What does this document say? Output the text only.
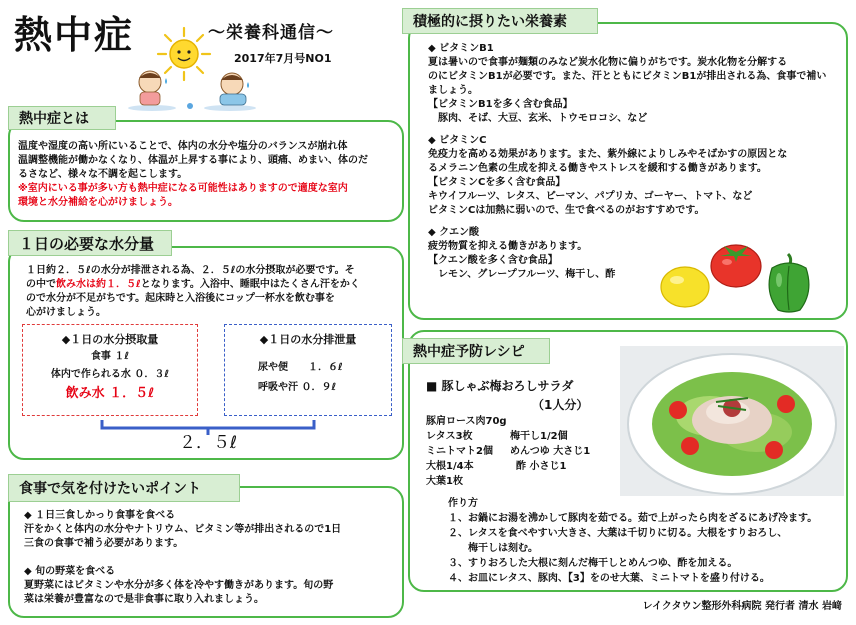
熱中症	～栄養科通信～
2017年7月号NO1
熱中症とは
温度や湿度の高い所にいることで、体内の水分や塩分のバランスが崩れ体
温調整機能が働かなくなり、体温が上昇する事により、頭痛、めまい、体のだ
るさなど、様々な不調を起こします。
※室内にいる事が多い方も熱中症になる可能性はありますので適度な室内
環境と水分補給を心がけましょう。
１日の必要な水分量
１日約２．５ℓの水分が排泄される為、２．５ℓの水分摂取が必要です。そ
の中で飲み水は約１．５ℓとなります。入浴中、睡眠中はたくさん汗をかく
ので水分が不足がちです。起床時と入浴後にコップ一杯水を飲む事を
心がけましょう。
◆１日の水分摂取量
食事 １ℓ
体内で作られる水 ０．３ℓ
飲み水 １．５ℓ
◆１日の水分排泄量
尿や便　　１．６ℓ
呼吸や汗 ０．９ℓ
２．５ℓ
食事で気を付けたいポイント
◆ １日三食しかっり食事を食べる
汗をかくと体内の水分やナトリウム、ビタミン等が排出されるので1日
三食の食事で補う必要があります。
◆ 旬の野菜を食べる
夏野菜にはビタミンや水分が多く体を冷やす働きがあります。旬の野
菜は栄養が豊富なので是非食事に取り入れましょう。
積極的に摂りたい栄養素
◆ ビタミンB1
夏は暑いので食事が麺類のみなど炭水化物に偏りがちです。炭水化物を分解する
のにビタミンB1が必要です。また、汗とともにビタミンB1が排出される為、食事で補い
ましょう。
【ビタミンB1を多く含む食品】
豚肉、そば、大豆、玄米、トウモロコシ、など
◆ ビタミンC
免疫力を高める効果があります。また、紫外線によりしみやそばかすの原因とな
るメラニン色素の生成を抑える働きやストレスを緩和する働きがあります。
【ビタミンCを多く含む食品】
キウイフルーツ、レタス、ピーマン、パプリカ、ゴーヤー、トマト、など
ビタミンCは加熱に弱いので、生で食べるのがおすすめです。
◆ クエン酸
疲労物質を抑える働きがあります。
【クエン酸を多く含む食品】
レモン、グレープフルーツ、梅干し、酢
熱中症予防レシピ
■ 豚しゃぶ梅おろしサラダ
（1人分）
豚肩ロース肉70g
レタス3枚
ミニトマト2個
大根1/4本
大葉1枚
梅干し1/2個
めんつゆ 大さじ1
酢 小さじ1
作り方
１、お鍋にお湯を沸かして豚肉を茹でる。茹で上がったら肉をざるにあげ冷ます。
２、レタスを食べやすい大きさ、大葉は千切りに切る。大根をすりおろし、
　　梅干しは刻む。
３、すりおろした大根に刻んだ梅干しとめんつゆ、酢を加える。
４、お皿にレタス、豚肉、【3】をのせ大葉、ミニトマトを盛り付ける。
レイクタウン整形外科病院 発行者 清水 岩﨑
